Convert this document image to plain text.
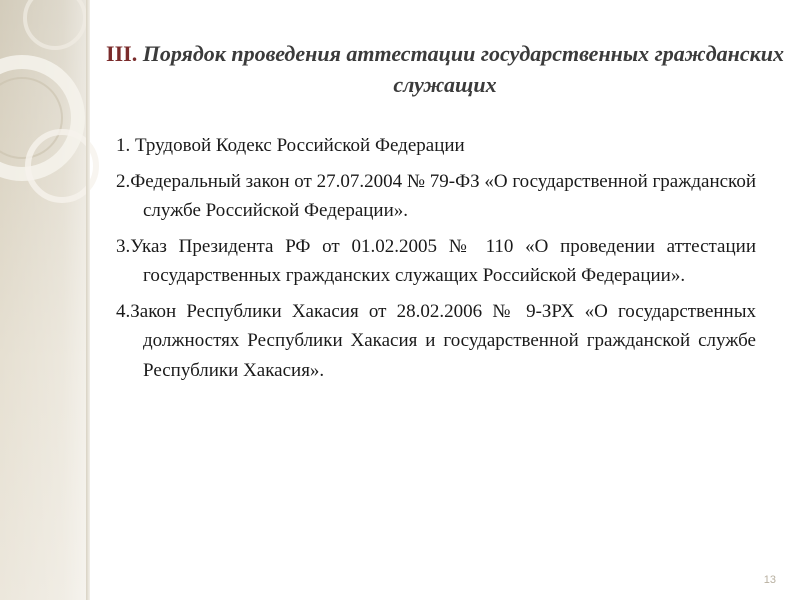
III. Порядок проведения аттестации государственных гражданских служащих

1. Трудовой Кодекс Российской Федерации

2.Федеральный закон от 27.07.2004 № 79-ФЗ «О государственной гражданской службе Российской Федерации».

3.Указ Президента РФ от 01.02.2005 № 110 «О проведении аттестации государственных гражданских служащих Российской Федерации».

4.Закон Республики Хакасия от 28.02.2006 № 9-ЗРХ «О государственных должностях Республики Хакасия и государственной гражданской службе Республики Хакасия».

13
